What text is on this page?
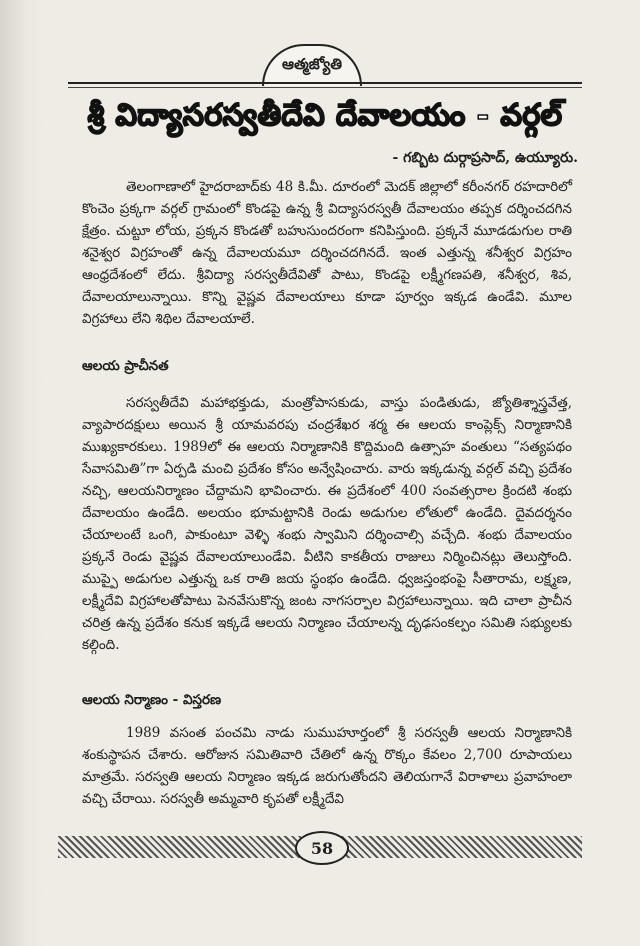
ఆత్మజ్యోతి
శ్రీ విద్యాసరస్వతీదేవి దేవాలయం - వర్గల్
- గబ్బిట దుర్గాప్రసాద్, ఉయ్యూరు.
తెలంగాణాలో హైదరాబాద్‌కు 48 కి.మీ. దూరంలో మెదక్ జిల్లాలో కరీంనగర్ రహదారిలో కొంచెం ప్రక్కగా వర్గల్ గ్రామంలో కొండపై ఉన్న శ్రీ విద్యాసరస్వతీ దేవాలయం తప్పక దర్శించదగిన క్షేత్రం. చుట్టూ లోయ, ప్రక్కన కొండతో బహుసుందరంగా కనిపిస్తుంది. ప్రక్కనే మూడడుగుల రాతి శనైశ్వర విగ్రహంతో ఉన్న దేవాలయమూ దర్శించదగినదే. ఇంత ఎత్తున్న శనీశ్వర విగ్రహం ఆంధ్రదేశంలో లేదు. శ్రీవిద్యా సరస్వతీదేవితో పాటు, కొండపై లక్ష్మీగణపతి, శనీశ్వర, శివ, దేవాలయాలున్నాయి. కొన్ని వైష్ణవ దేవాలయాలు కూడా పూర్వం ఇక్కడ ఉండేవి. మూల విగ్రహాలు లేని శిథిల దేవాలయాలే.
ఆలయ ప్రాచీనత
సరస్వతీదేవి మహాభక్తుడు, మంత్రోపాసకుడు, వాస్తు పండితుడు, జ్యోతిశ్శాస్త్రవేత్త, వ్యాపారదక్షులు అయిన శ్రీ యామవరపు చంద్రశేఖర శర్మ ఈ ఆలయ కాంప్లెక్స్ నిర్మాణానికి ముఖ్యకారకులు. 1989లో ఈ ఆలయ నిర్మాణానికి కొద్దిమంది ఉత్సాహ వంతులు “సత్యపథం సేవాసమితి”గా ఏర్పడి మంచి ప్రదేశం కోసం అన్వేషించారు. వారు ఇక్కడున్న వర్గల్ వచ్చి ప్రదేశం నచ్చి, ఆలయనిర్మాణం చేద్దామని భావించారు. ఈ ప్రదేశంలో 400 సంవత్సరాల క్రిందటి శంభు దేవాలయం ఉండేది. అలయం భూమట్టానికి రెండు అడుగుల లోతులో ఉండేది. దైవదర్శనం చేయాలంటే ఒంగి, పాకుంటూ వెళ్ళి శంభు స్వామిని దర్శించాల్సి వచ్చేది. శంభు దేవాలయం ప్రక్కనే రెండు వైష్ణవ దేవాలయాలుండేవి. వీటిని కాకతీయ రాజులు నిర్మించినట్లు తెలుస్తోంది. ముప్పై అడుగుల ఎత్తున్న ఒక రాతి జయ స్థంభం ఉండేది. ధ్వజస్తంభంపై సీతారామ, లక్ష్మణ, లక్ష్మీదేవి విగ్రహాలతోపాటు పెనవేసుకొన్న జంట నాగసర్పాల విగ్రహాలున్నాయి. ఇది చాలా ప్రాచీన చరిత్ర ఉన్న ప్రదేశం కనుక ఇక్కడే ఆలయ నిర్మాణం చేయాలన్న దృఢసంకల్పం సమితి సభ్యులకు కల్గింది.
ఆలయ నిర్మాణం - విస్తరణ
1989 వసంత పంచమి నాడు సుముహూర్తంలో శ్రీ సరస్వతీ ఆలయ నిర్మాణానికి శంకుస్థాపన చేశారు. ఆరోజున సమితివారి చేతిలో ఉన్న రొక్కం కేవలం 2,700 రూపాయలు మాత్రమే. సరస్వతి ఆలయ నిర్మాణం ఇక్కడ జరుగుతోందని తెలియగానే విరాళాలు ప్రవాహంలా వచ్చి చేరాయి. సరస్వతీ అమ్మవారి కృపతో లక్ష్మీదేవి
58
